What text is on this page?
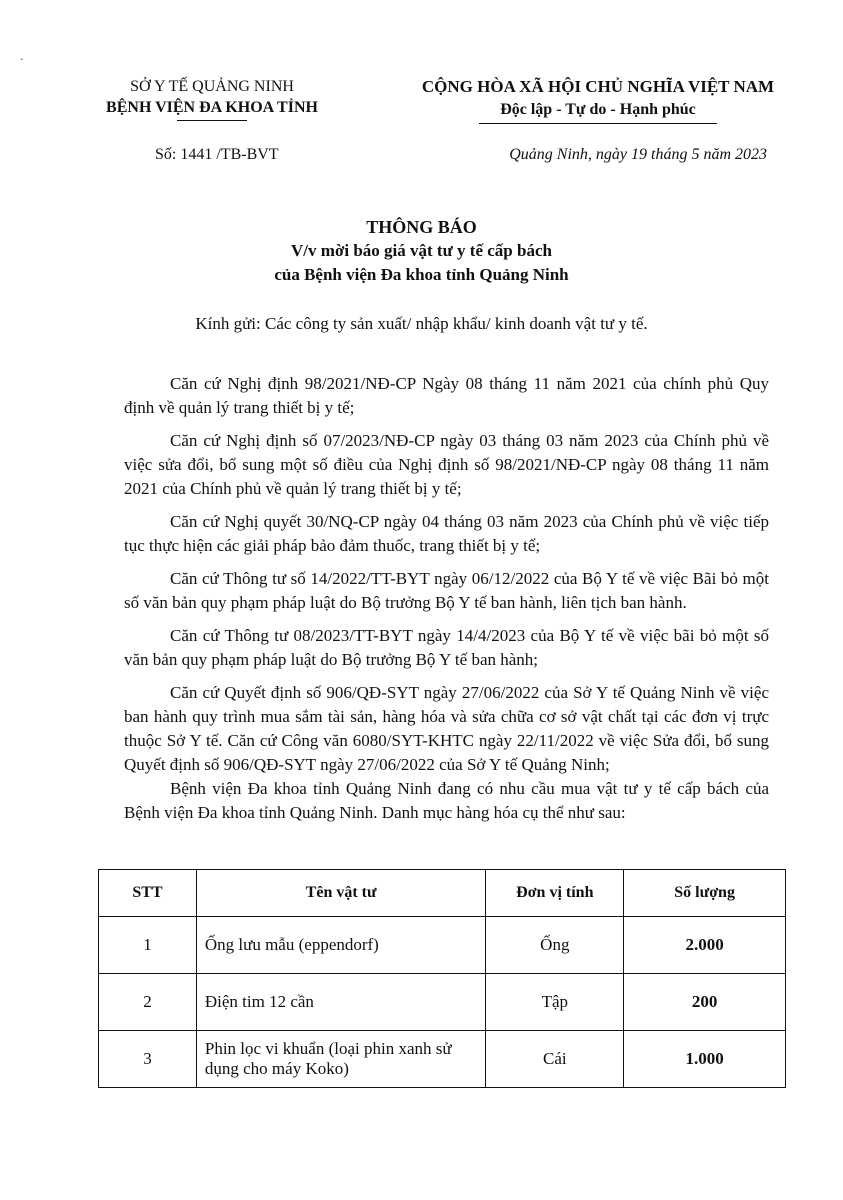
ˇ
SỞ Y TẾ QUẢNG NINH
BỆNH VIỆN ĐA KHOA TỈNH
CỘNG HÒA XÃ HỘI CHỦ NGHĨA VIỆT NAM
Độc lập - Tự do - Hạnh phúc
Số: 1441 /TB-BVT	Quảng Ninh, ngày 19 tháng 5 năm 2023
THÔNG BÁO
V/v mời báo giá vật tư y tế cấp bách
của Bệnh viện Đa khoa tỉnh Quảng Ninh
Kính gửi: Các công ty sản xuất/ nhập khẩu/ kinh doanh vật tư y tế.

Căn cứ Nghị định 98/2021/NĐ-CP Ngày 08 tháng 11 năm 2021 của chính phủ Quy định về quản lý trang thiết bị y tế;

Căn cứ Nghị định số 07/2023/NĐ-CP ngày 03 tháng 03 năm 2023 của Chính phủ về việc sửa đổi, bổ sung một số điều của Nghị định số 98/2021/NĐ-CP ngày 08 tháng 11 năm 2021 của Chính phủ về quản lý trang thiết bị y tế;

Căn cứ Nghị quyết 30/NQ-CP ngày 04 tháng 03 năm 2023 của Chính phủ về việc tiếp tục thực hiện các giải pháp bảo đảm thuốc, trang thiết bị y tế;

Căn cứ Thông tư số 14/2022/TT-BYT ngày 06/12/2022 của Bộ Y tế về việc Bãi bỏ một số văn bản quy phạm pháp luật do Bộ trưởng Bộ Y tế ban hành, liên tịch ban hành.

Căn cứ Thông tư 08/2023/TT-BYT ngày 14/4/2023 của Bộ Y tế về việc bãi bỏ một số văn bản quy phạm pháp luật do Bộ trưởng Bộ Y tế ban hành;

Căn cứ Quyết định số 906/QĐ-SYT ngày 27/06/2022 của Sở Y tế Quảng Ninh về việc ban hành quy trình mua sắm tài sản, hàng hóa và sửa chữa cơ sở vật chất tại các đơn vị trực thuộc Sở Y tế. Căn cứ Công văn 6080/SYT-KHTC ngày 22/11/2022 về việc Sửa đổi, bổ sung Quyết định số 906/QĐ-SYT ngày 27/06/2022 của Sở Y tế Quảng Ninh;

Bệnh viện Đa khoa tỉnh Quảng Ninh đang có nhu cầu mua vật tư y tế cấp bách của Bệnh viện Đa khoa tỉnh Quảng Ninh. Danh mục hàng hóa cụ thể như sau:

STT	Tên vật tư	Đơn vị tính	Số lượng
1	Ống lưu mẫu (eppendorf)	Ống	2.000
2	Điện tim 12 cần	Tập	200
3	Phin lọc vi khuẩn (loại phin xanh sử dụng cho máy Koko)	Cái	1.000
